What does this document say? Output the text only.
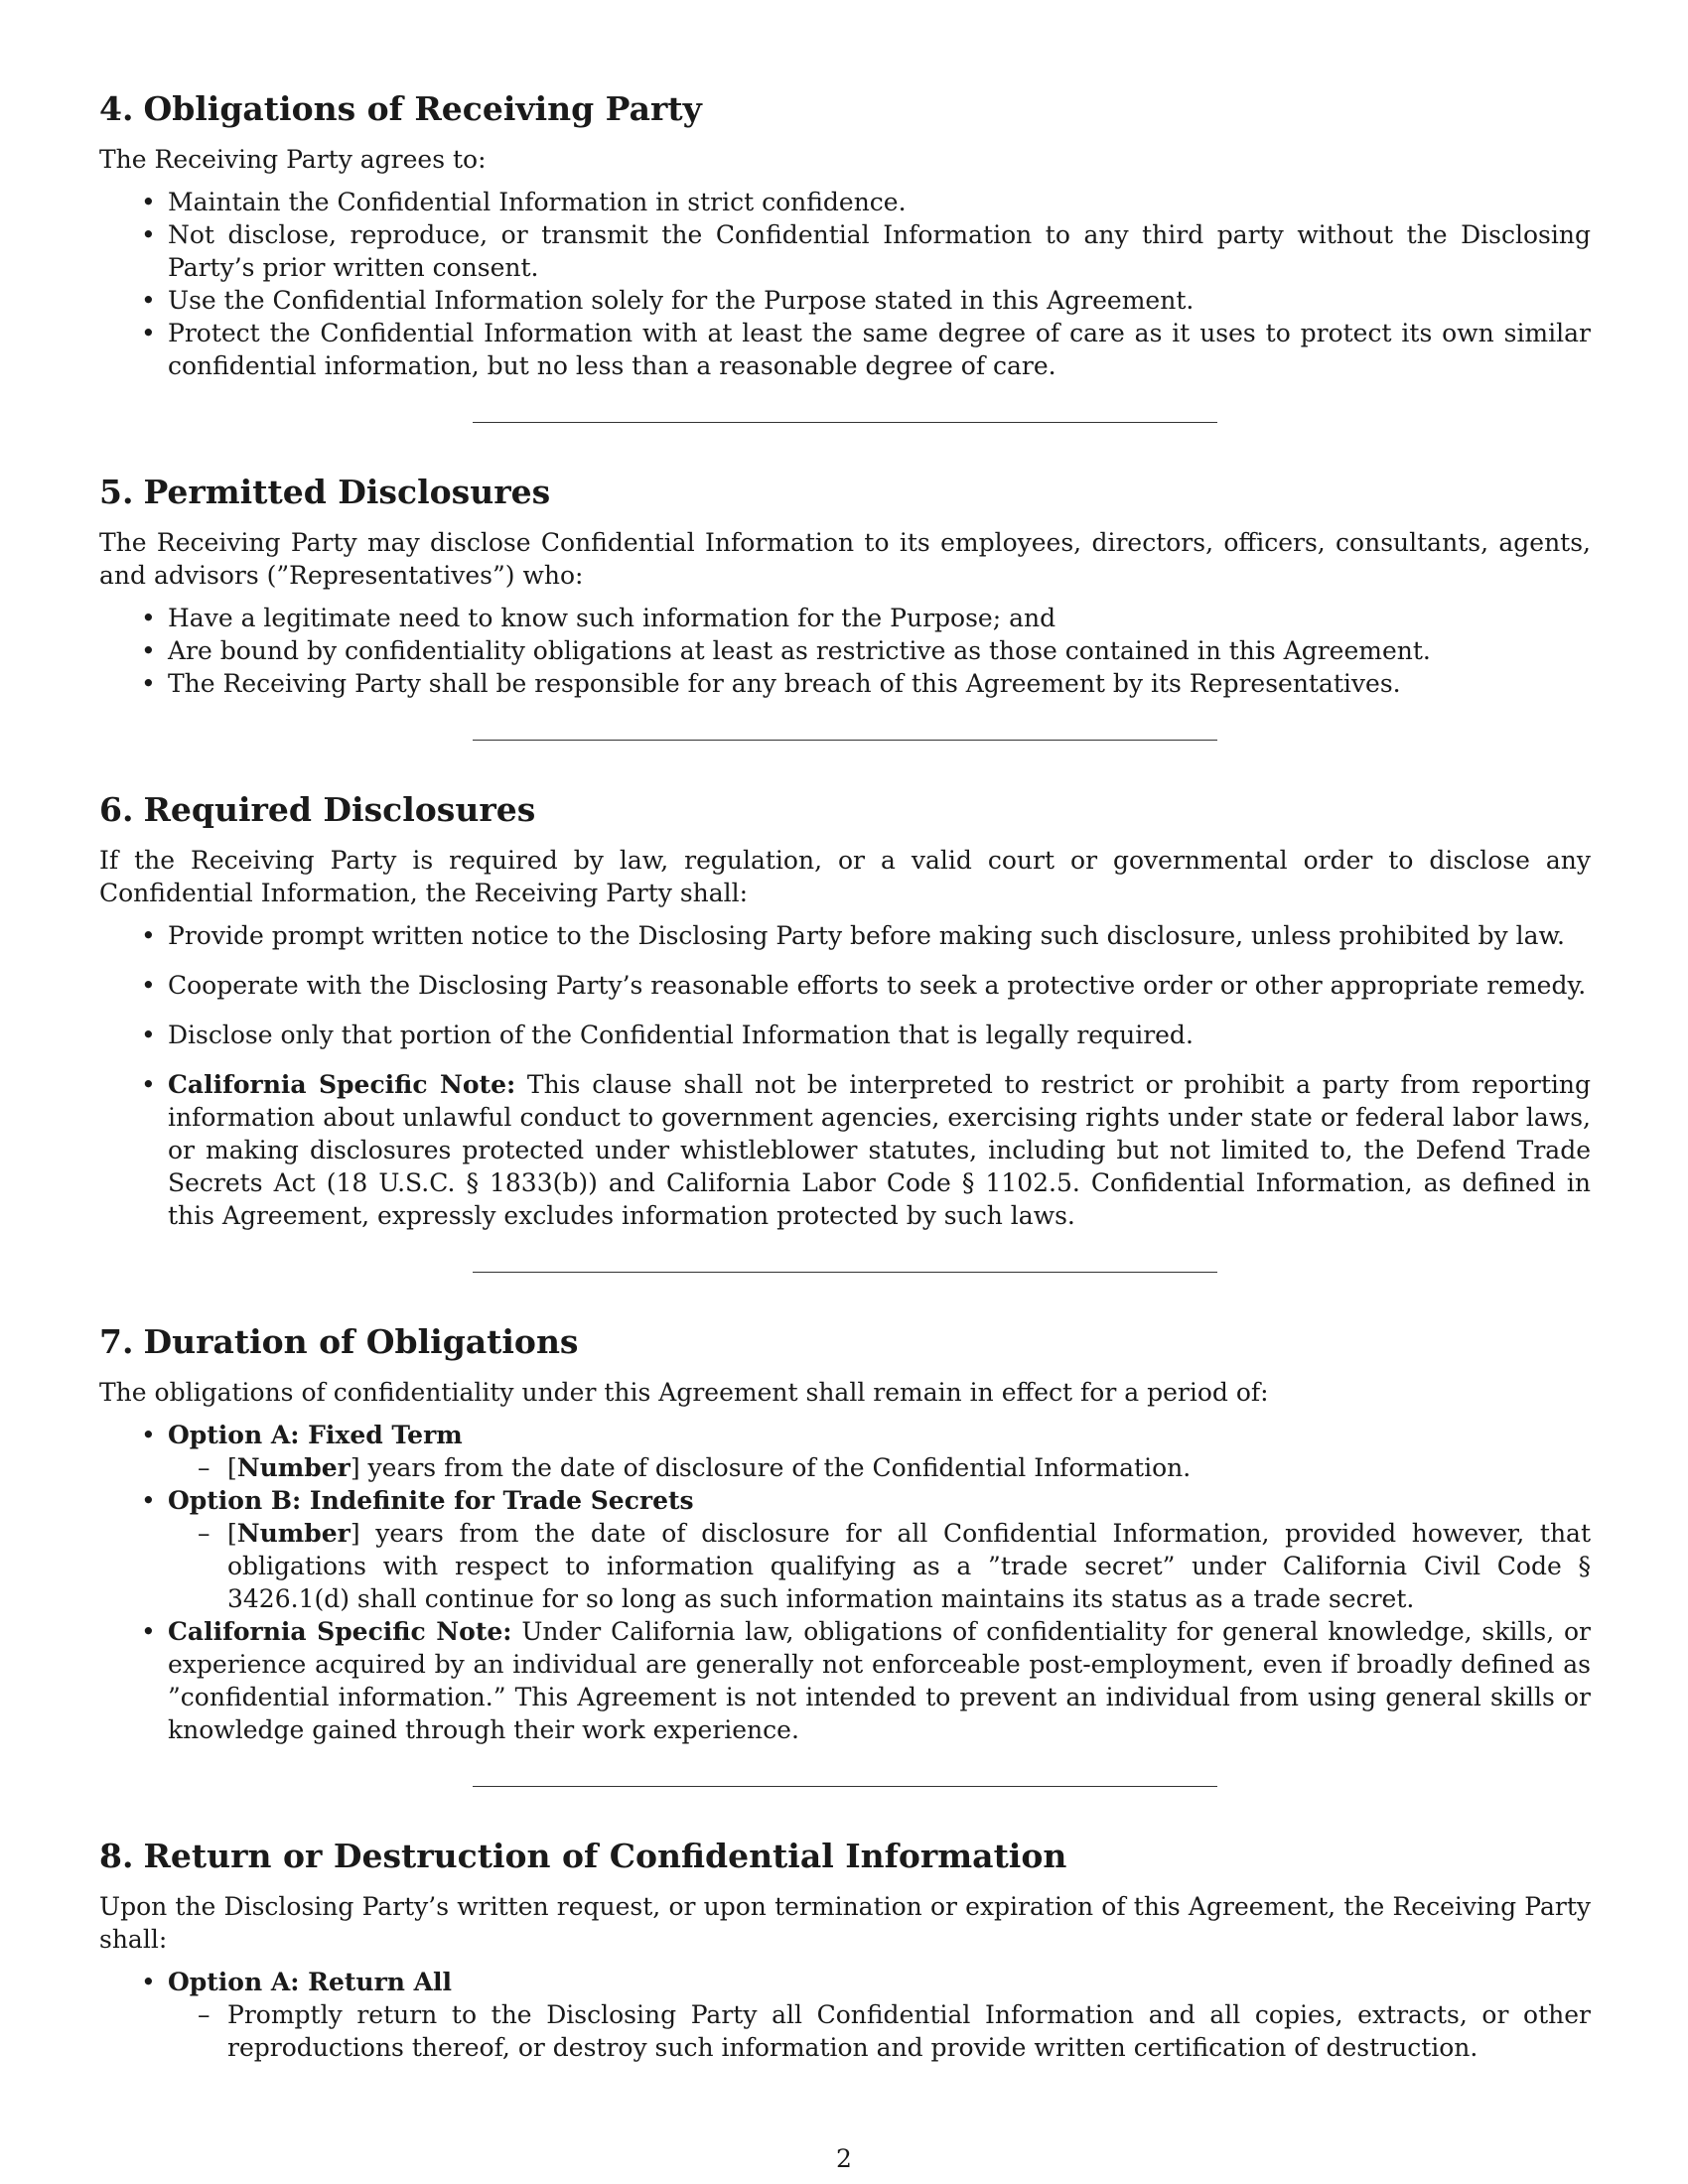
4. Obligations of Receiving Party

The Receiving Party agrees to:

• Maintain the Confidential Information in strict confidence.
• Not disclose, reproduce, or transmit the Confidential Information to any third party without the Disclosing Party’s prior written consent.
• Use the Confidential Information solely for the Purpose stated in this Agreement.
• Protect the Confidential Information with at least the same degree of care as it uses to protect its own similar confidential information, but no less than a reasonable degree of care.
5. Permitted Disclosures

The Receiving Party may disclose Confidential Information to its employees, directors, officers, consultants, agents, and advisors (”Representatives”) who:

• Have a legitimate need to know such information for the Purpose; and
• Are bound by confidentiality obligations at least as restrictive as those contained in this Agreement.
• The Receiving Party shall be responsible for any breach of this Agreement by its Representatives.
6. Required Disclosures

If the Receiving Party is required by law, regulation, or a valid court or governmental order to disclose any Confidential Information, the Receiving Party shall:

• Provide prompt written notice to the Disclosing Party before making such disclosure, unless prohibited by law.
• Cooperate with the Disclosing Party’s reasonable efforts to seek a protective order or other appropriate remedy.
• Disclose only that portion of the Confidential Information that is legally required.
• California Specific Note: This clause shall not be interpreted to restrict or prohibit a party from reporting information about unlawful conduct to government agencies, exercising rights under state or federal labor laws, or making disclosures protected under whistleblower statutes, including but not limited to, the Defend Trade Secrets Act (18 U.S.C. § 1833(b)) and California Labor Code § 1102.5. Confidential Information, as defined in this Agreement, expressly excludes information protected by such laws.
7. Duration of Obligations

The obligations of confidentiality under this Agreement shall remain in effect for a period of:

• Option A: Fixed Term
– [Number] years from the date of disclosure of the Confidential Information.
• Option B: Indefinite for Trade Secrets
– [Number] years from the date of disclosure for all Confidential Information, provided however, that obligations with respect to information qualifying as a ”trade secret” under California Civil Code § 3426.1(d) shall continue for so long as such information maintains its status as a trade secret.
• California Specific Note: Under California law, obligations of confidentiality for general knowledge, skills, or experience acquired by an individual are generally not enforceable post-employment, even if broadly defined as ”confidential information.” This Agreement is not intended to prevent an individual from using general skills or knowledge gained through their work experience.
8. Return or Destruction of Confidential Information

Upon the Disclosing Party’s written request, or upon termination or expiration of this Agreement, the Receiving Party shall:

• Option A: Return All
– Promptly return to the Disclosing Party all Confidential Information and all copies, extracts, or other reproductions thereof, or destroy such information and provide written certification of destruction.
2
